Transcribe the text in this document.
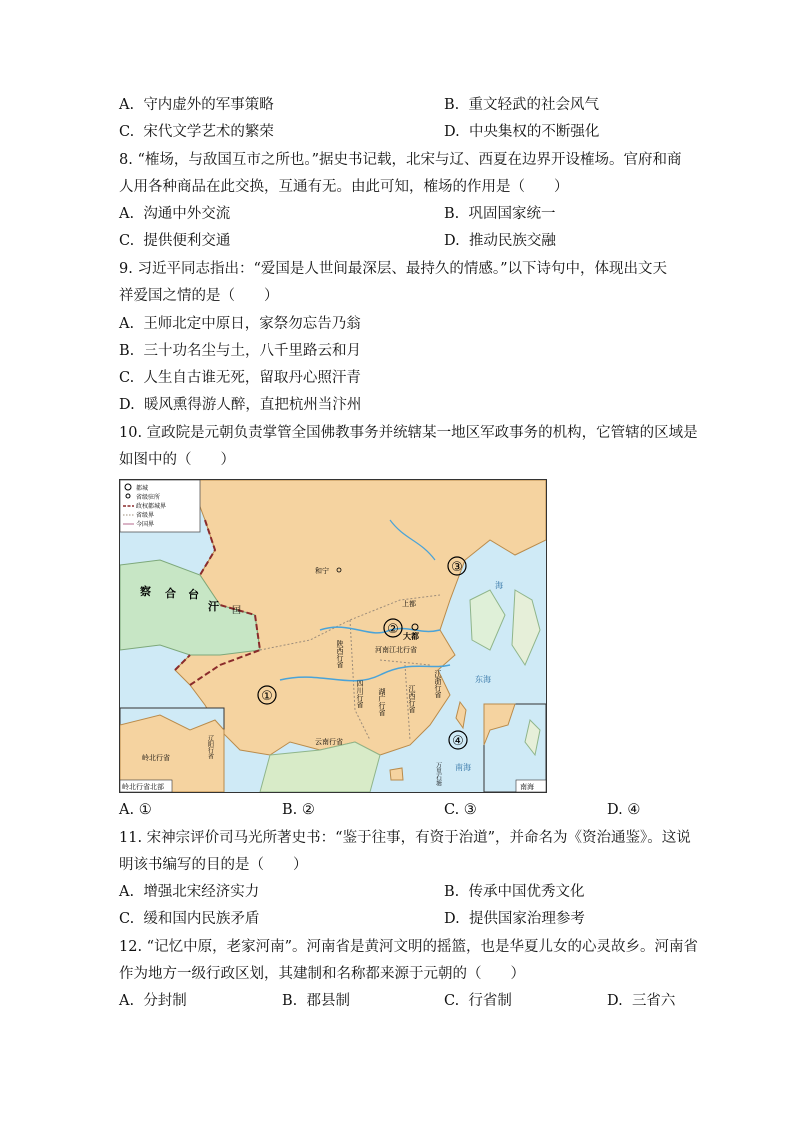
A. 守内虚外的军事策略	B. 重文轻武的社会风气
C. 宋代文学艺术的繁荣	D. 中央集权的不断强化
8. “榷场，与敌国互市之所也。”据史书记载，北宋与辽、西夏在边界开设榷场。官府和商
人用各种商品在此交换，互通有无。由此可知，榷场的作用是（　　）
A. 沟通中外交流	B. 巩固国家统一
C. 提供便利交通	D. 推动民族交融
9. 习近平同志指出：“爱国是人世间最深层、最持久的情感。”以下诗句中，体现出文天
祥爱国之情的是（　　）
A. 王师北定中原日，家祭勿忘告乃翁
B. 三十功名尘与土，八千里路云和月
C. 人生自古谁无死，留取丹心照汗青
D. 暖风熏得游人醉，直把杭州当汴州
10. 宣政院是元朝负责掌管全国佛教事务并统辖某一地区军政事务的机构，它管辖的区域是
如图中的（　　）
都城
省级驻所
政权都城界
省级界
今国界
和宁
上都
大都
察 合 台
汗 国
陕西行省	河南江北行省
四川行省 湖广行省	江西行省
江浙行省
云南行省
东海
海
南海
万里石塘
①
②
③
④
岭北行省	辽阳行省
岭北行省北部	南海
A. ①	B. ②	C. ③	D. ④
11. 宋神宗评价司马光所著史书：“鉴于往事，有资于治道”，并命名为《资治通鉴》。这说
明该书编写的目的是（　　）
A. 增强北宋经济实力	B. 传承中国优秀文化
C. 缓和国内民族矛盾	D. 提供国家治理参考
12. “记忆中原，老家河南”。河南省是黄河文明的摇篮，也是华夏儿女的心灵故乡。河南省
作为地方一级行政区划，其建制和名称都来源于元朝的（　　）
A. 分封制	B. 郡县制	C. 行省制	D. 三省六
